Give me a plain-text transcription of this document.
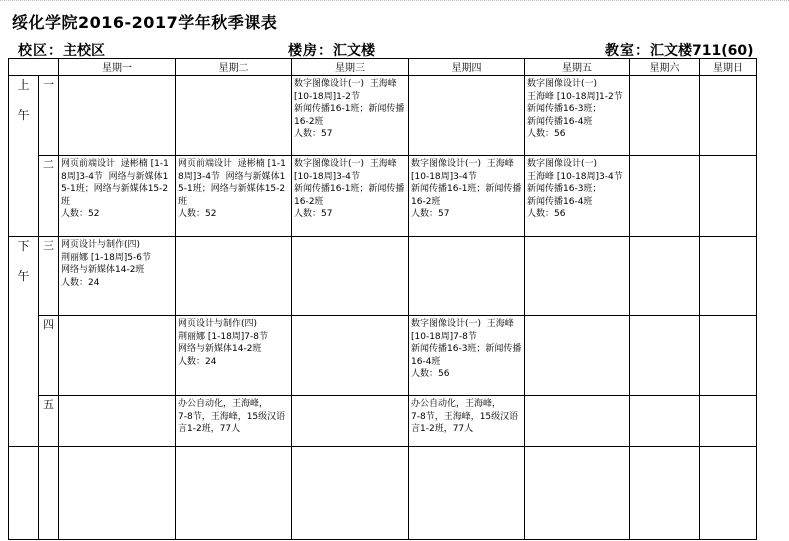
绥化学院2016-2017学年秋季课表
校区：主校区	楼房：汇文楼	教室：汇文楼711(60)
		星期一	星期二	星期三	星期四	星期五	星期六	星期日

上
午	一			数字图像设计(一)  王海峰 [10-18周]1-2节
新闻传播16-1班；新闻传播16-2班
人数：57		数字图像设计(一)
王海峰 [10-18周]1-2节
新闻传播16-3班；
新闻传播16-4班
人数：56		

	二	网页前端设计  逯彬楠 [1-18周]3-4节  网络与新媒体15-1班；网络与新媒体15-2班
人数：52	网页前端设计  逯彬楠 [1-18周]3-4节  网络与新媒体15-1班；网络与新媒体15-2班
人数：52	数字图像设计(一)  王海峰 [10-18周]3-4节
新闻传播16-1班；新闻传播16-2班
人数：57	数字图像设计(一)  王海峰 [10-18周]3-4节
新闻传播16-1班；新闻传播16-2班
人数：57	数字图像设计(一)
王海峰 [10-18周]3-4节
新闻传播16-3班；
新闻传播16-4班
人数：56		

下
午	三	网页设计与制作(四)
荆丽娜 [1-18周]5-6节
网络与新媒体14-2班
人数：24						

	四		网页设计与制作(四)
荆丽娜 [1-18周]7-8节
网络与新媒体14-2班
人数：24		数字图像设计(一)  王海峰 [10-18周]7-8节
新闻传播16-3班；新闻传播16-4班
人数：56			

	五		办公自动化，王海峰，
7-8节，王海峰，15级汉语言1-2班，77人		办公自动化，王海峰，
7-8节，王海峰，15级汉语言1-2班，77人			
